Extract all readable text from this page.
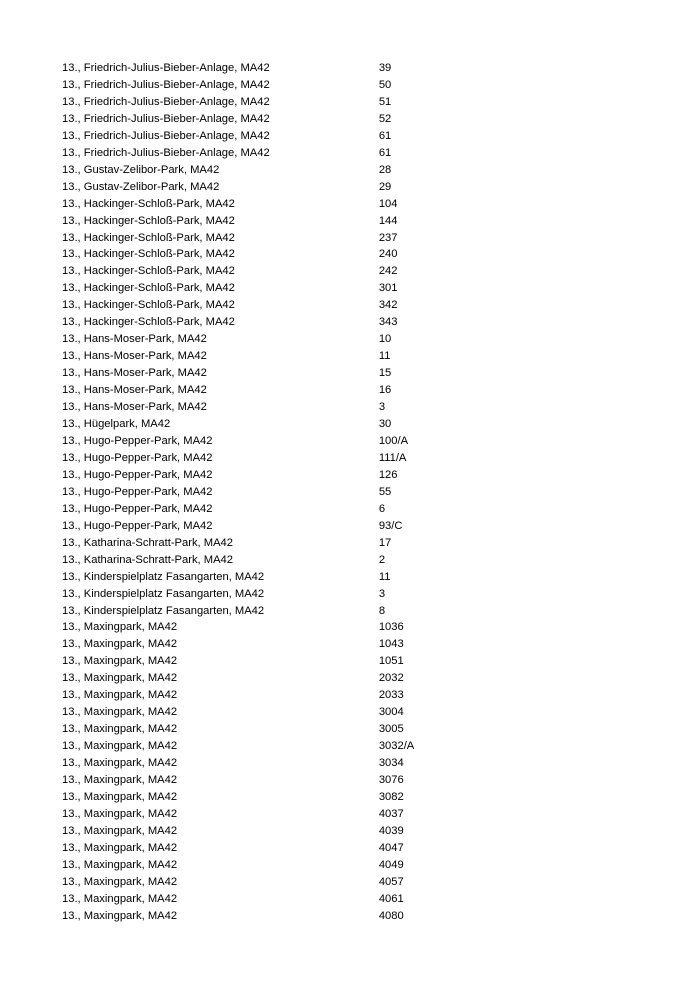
13., Friedrich-Julius-Bieber-Anlage, MA42	39
13., Friedrich-Julius-Bieber-Anlage, MA42	50
13., Friedrich-Julius-Bieber-Anlage, MA42	51
13., Friedrich-Julius-Bieber-Anlage, MA42	52
13., Friedrich-Julius-Bieber-Anlage, MA42	61
13., Friedrich-Julius-Bieber-Anlage, MA42	61
13., Gustav-Zelibor-Park, MA42	28
13., Gustav-Zelibor-Park, MA42	29
13., Hackinger-Schloß-Park, MA42	104
13., Hackinger-Schloß-Park, MA42	144
13., Hackinger-Schloß-Park, MA42	237
13., Hackinger-Schloß-Park, MA42	240
13., Hackinger-Schloß-Park, MA42	242
13., Hackinger-Schloß-Park, MA42	301
13., Hackinger-Schloß-Park, MA42	342
13., Hackinger-Schloß-Park, MA42	343
13., Hans-Moser-Park, MA42	10
13., Hans-Moser-Park, MA42	11
13., Hans-Moser-Park, MA42	15
13., Hans-Moser-Park, MA42	16
13., Hans-Moser-Park, MA42	3
13., Hügelpark, MA42	30
13., Hugo-Pepper-Park, MA42	100/A
13., Hugo-Pepper-Park, MA42	111/A
13., Hugo-Pepper-Park, MA42	126
13., Hugo-Pepper-Park, MA42	55
13., Hugo-Pepper-Park, MA42	6
13., Hugo-Pepper-Park, MA42	93/C
13., Katharina-Schratt-Park, MA42	17
13., Katharina-Schratt-Park, MA42	2
13., Kinderspielplatz Fasangarten, MA42	11
13., Kinderspielplatz Fasangarten, MA42	3
13., Kinderspielplatz Fasangarten, MA42	8
13., Maxingpark, MA42	1036
13., Maxingpark, MA42	1043
13., Maxingpark, MA42	1051
13., Maxingpark, MA42	2032
13., Maxingpark, MA42	2033
13., Maxingpark, MA42	3004
13., Maxingpark, MA42	3005
13., Maxingpark, MA42	3032/A
13., Maxingpark, MA42	3034
13., Maxingpark, MA42	3076
13., Maxingpark, MA42	3082
13., Maxingpark, MA42	4037
13., Maxingpark, MA42	4039
13., Maxingpark, MA42	4047
13., Maxingpark, MA42	4049
13., Maxingpark, MA42	4057
13., Maxingpark, MA42	4061
13., Maxingpark, MA42	4080
